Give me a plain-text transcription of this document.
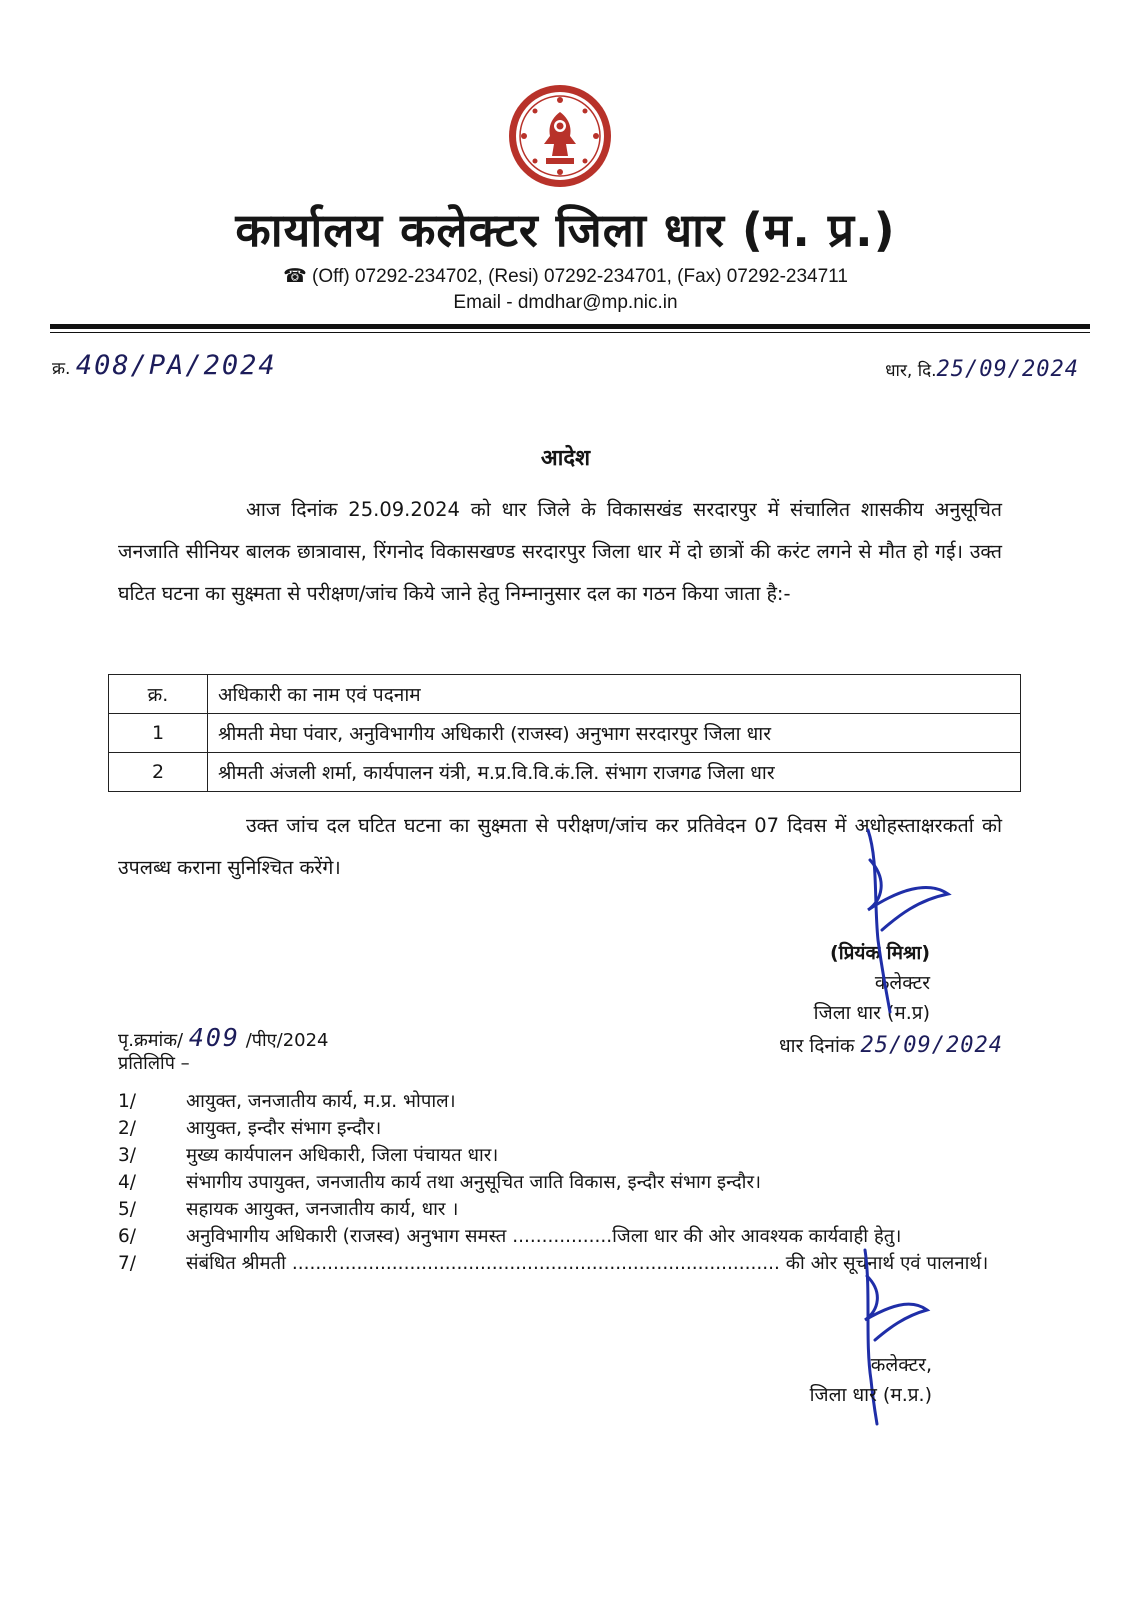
कार्यालय कलेक्टर जिला धार (म. प्र.)
☎ (Off) 07292-234702, (Resi) 07292-234701, (Fax) 07292-234711
Email - dmdhar@mp.nic.in
क्र. 408/PA/2024	धार, दि.25/09/2024
आदेश
आज दिनांक 25.09.2024 को धार जिले के विकासखंड सरदारपुर में संचालित शासकीय अनुसूचित जनजाति सीनियर बालक छात्रावास, रिंगनोद विकासखण्ड सरदारपुर जिला धार में दो छात्रों की करंट लगने से मौत हो गई। उक्त घटित घटना का सुक्ष्मता से परीक्षण/जांच किये जाने हेतु निम्नानुसार दल का गठन किया जाता है:-
क्र.	अधिकारी का नाम एवं पदनाम
1	श्रीमती मेघा पंवार, अनुविभागीय अधिकारी (राजस्व) अनुभाग सरदारपुर जिला धार
2	श्रीमती अंजली शर्मा, कार्यपालन यंत्री, म.प्र.वि.वि.कं.लि. संभाग राजगढ जिला धार
उक्त जांच दल घटित घटना का सुक्ष्मता से परीक्षण/जांच कर प्रतिवेदन 07 दिवस में अधोहस्ताक्षरकर्ता को उपलब्ध कराना सुनिश्चित करेंगे।
(प्रियंक मिश्रा)
कलेक्टर
जिला धार (म.प्र)
पृ.क्रमांक/ 409 /पीए/2024
प्रतिलिपि –
धार दिनांक 25/09/2024
1/	आयुक्त, जनजातीय कार्य, म.प्र. भोपाल।
2/	आयुक्त, इन्दौर संभाग इन्दौर।
3/	मुख्य कार्यपालन अधिकारी, जिला पंचायत धार।
4/	संभागीय उपायुक्त, जनजातीय कार्य तथा अनुसूचित जाति विकास, इन्दौर संभाग इन्दौर।
5/	सहायक आयुक्त, जनजातीय कार्य, धार ।
6/	अनुविभागीय अधिकारी (राजस्व) अनुभाग समस्त .................जिला धार की ओर आवश्यक कार्यवाही हेतु।
7/	संबंधित श्रीमती ................................................................................... की ओर सूचनार्थ एवं पालनार्थ।
कलेक्टर,
जिला धार (म.प्र.)
